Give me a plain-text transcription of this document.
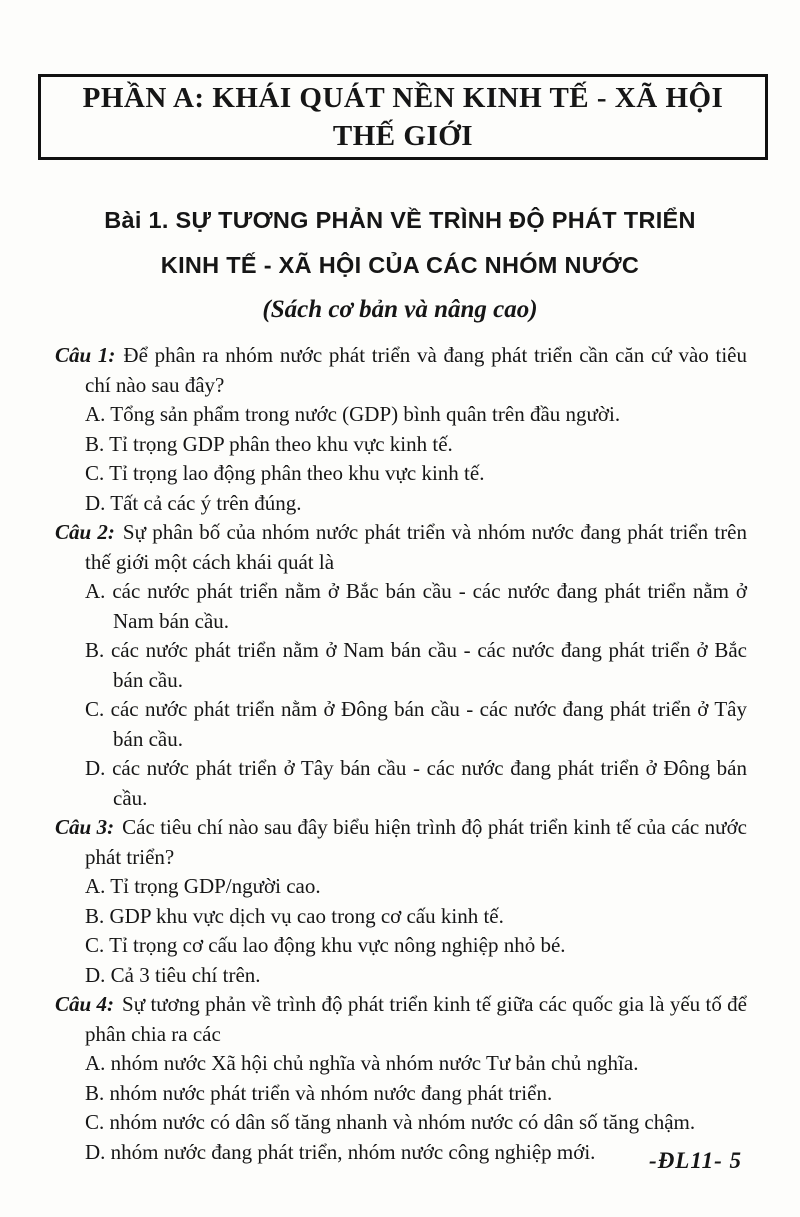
PHẦN A: KHÁI QUÁT NỀN KINH TẾ - XÃ HỘI
THẾ GIỚI
Bài 1. SỰ TƯƠNG PHẢN VỀ TRÌNH ĐỘ PHÁT TRIỂN
KINH TẾ - XÃ HỘI CỦA CÁC NHÓM NƯỚC
(Sách cơ bản và nâng cao)

Câu 1: Để phân ra nhóm nước phát triển và đang phát triển cần căn cứ vào tiêu chí nào sau đây?

A. Tổng sản phẩm trong nước (GDP) bình quân trên đầu người.

B. Tỉ trọng GDP phân theo khu vực kinh tế.

C. Tỉ trọng lao động phân theo khu vực kinh tế.

D. Tất cả các ý trên đúng.

Câu 2: Sự phân bố của nhóm nước phát triển và nhóm nước đang phát triển trên thế giới một cách khái quát là

A. các nước phát triển nằm ở Bắc bán cầu - các nước đang phát triển nằm ở Nam bán cầu.

B. các nước phát triển nằm ở Nam bán cầu - các nước đang phát triển ở Bắc bán cầu.

C. các nước phát triển nằm ở Đông bán cầu - các nước đang phát triển ở Tây bán cầu.

D. các nước phát triển ở Tây bán cầu - các nước đang phát triển ở Đông bán cầu.

Câu 3: Các tiêu chí nào sau đây biểu hiện trình độ phát triển kinh tế của các nước phát triển?

A. Tỉ trọng GDP/người cao.

B. GDP khu vực dịch vụ cao trong cơ cấu kinh tế.

C. Tỉ trọng cơ cấu lao động khu vực nông nghiệp nhỏ bé.

D. Cả 3 tiêu chí trên.

Câu 4: Sự tương phản về trình độ phát triển kinh tế giữa các quốc gia là yếu tố để phân chia ra các

A. nhóm nước Xã hội chủ nghĩa và nhóm nước Tư bản chủ nghĩa.

B. nhóm nước phát triển và nhóm nước đang phát triển.

C. nhóm nước có dân số tăng nhanh và nhóm nước có dân số tăng chậm.

D. nhóm nước đang phát triển, nhóm nước công nghiệp mới.	-ĐL11- 5
